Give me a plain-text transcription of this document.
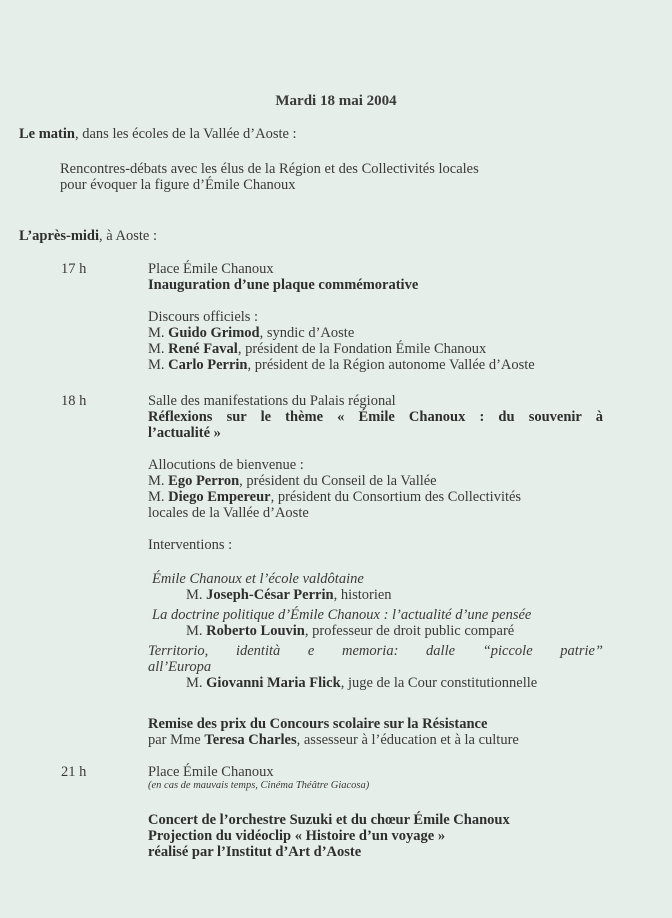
Mardi 18 mai 2004
Le matin, dans les écoles de la Vallée d’Aoste :

Rencontres-débats avec les élus de la Région et des Collectivités locales

pour évoquer la figure d’Émile Chanoux

L’après-midi, à Aoste :
17 h	Place Émile Chanoux

Inauguration d’une plaque commémorative

Discours officiels :

M. Guido Grimod, syndic d’Aoste

M. René Faval, président de la Fondation Émile Chanoux

M. Carlo Perrin, président de la Région autonome Vallée d’Aoste

18 h	Salle des manifestations du Palais régional

Réflexions sur le thème « Émile Chanoux : du souvenir à

l’actualité »

Allocutions de bienvenue :

M. Ego Perron, président du Conseil de la Vallée

M. Diego Empereur, président du Consortium des Collectivités

locales de la Vallée d’Aoste

Interventions :

Émile Chanoux et l’école valdôtaine

M. Joseph-César Perrin, historien

La doctrine politique d’Émile Chanoux : l’actualité d’une pensée

M. Roberto Louvin, professeur de droit public comparé

Territorio, identità e memoria: dalle “piccole patrie”

all’Europa

M. Giovanni Maria Flick, juge de la Cour constitutionnelle

Remise des prix du Concours scolaire sur la Résistance

par Mme Teresa Charles, assesseur à l’éducation et à la culture

21 h	Place Émile Chanoux

(en cas de mauvais temps, Cinéma Théâtre Giacosa)

Concert de l’orchestre Suzuki et du chœur Émile Chanoux

Projection du vidéoclip « Histoire d’un voyage »

réalisé par l’Institut d’Art d’Aoste
